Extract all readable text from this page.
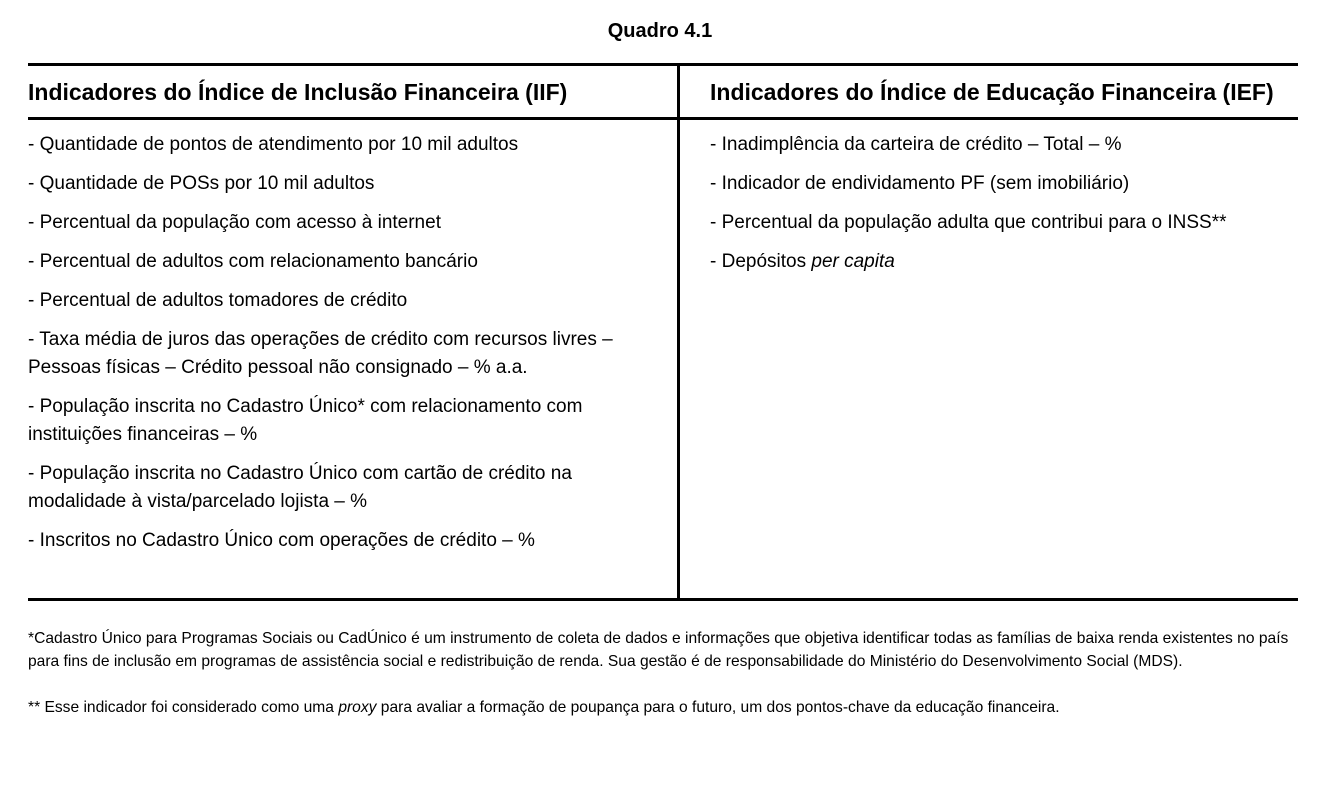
Quadro 4.1
Indicadores do Índice de Inclusão Financeira (IIF)	Indicadores do Índice de Educação Financeira (IEF)
- Quantidade de pontos de atendimento por 10 mil adultos
- Quantidade de POSs por 10 mil adultos
- Percentual da população com acesso à internet
- Percentual de adultos com relacionamento bancário
- Percentual de adultos tomadores de crédito
- Taxa média de juros das operações de crédito com recursos livres – Pessoas físicas – Crédito pessoal não consignado – % a.a.
- População inscrita no Cadastro Único* com relacionamento com instituições financeiras – %
- População inscrita no Cadastro Único com cartão de crédito na modalidade à vista/parcelado lojista – %
- Inscritos no Cadastro Único com operações de crédito – %
- Inadimplência da carteira de crédito – Total – %
- Indicador de endividamento PF (sem imobiliário)
- Percentual da população adulta que contribui para o INSS**
- Depósitos per capita

*Cadastro Único para Programas Sociais ou CadÚnico é um instrumento de coleta de dados e informações que objetiva identificar todas as famílias de baixa renda existentes no país para fins de inclusão em programas de assistência social e redistribuição de renda. Sua gestão é de responsabilidade do Ministério do Desenvolvimento Social (MDS).

** Esse indicador foi considerado como uma proxy para avaliar a formação de poupança para o futuro, um dos pontos-chave da educação financeira.
